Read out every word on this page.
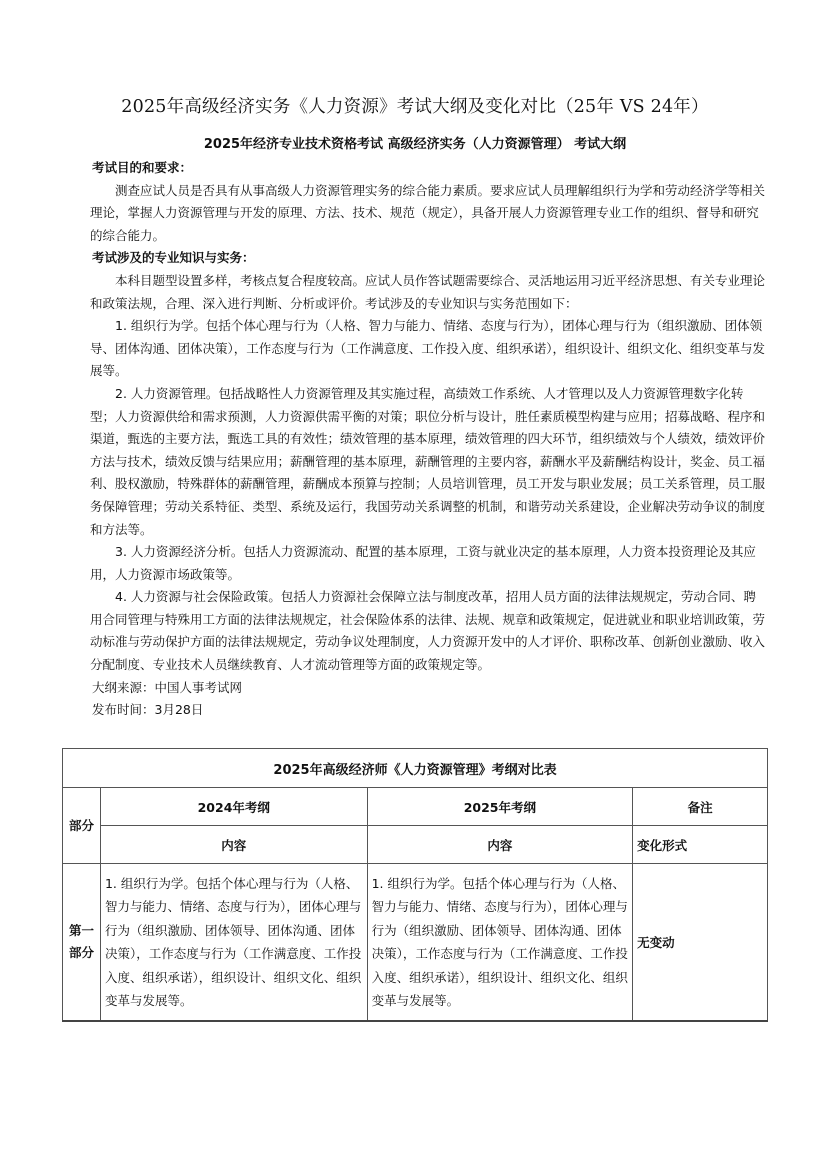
2025年高级经济实务《人力资源》考试大纲及变化对比（25年 VS 24年）
2025年经济专业技术资格考试 高级经济实务（人力资源管理） 考试大纲

考试目的和要求：

测查应试人员是否具有从事高级人力资源管理实务的综合能力素质。要求应试人员理解组织行为学和劳动经济学等相关理论，掌握人力资源管理与开发的原理、方法、技术、规范（规定），具备开展人力资源管理专业工作的组织、督导和研究的综合能力。

考试涉及的专业知识与实务：

本科目题型设置多样，考核点复合程度较高。应试人员作答试题需要综合、灵活地运用习近平经济思想、有关专业理论和政策法规，合理、深入进行判断、分析或评价。考试涉及的专业知识与实务范围如下：

1. 组织行为学。包括个体心理与行为（人格、智力与能力、情绪、态度与行为），团体心理与行为（组织激励、团体领导、团体沟通、团体决策），工作态度与行为（工作满意度、工作投入度、组织承诺），组织设计、组织文化、组织变革与发展等。

2. 人力资源管理。包括战略性人力资源管理及其实施过程，高绩效工作系统、人才管理以及人力资源管理数字化转型；人力资源供给和需求预测，人力资源供需平衡的对策；职位分析与设计，胜任素质模型构建与应用；招募战略、程序和渠道，甄选的主要方法，甄选工具的有效性；绩效管理的基本原理，绩效管理的四大环节，组织绩效与个人绩效，绩效评价方法与技术，绩效反馈与结果应用；薪酬管理的基本原理，薪酬管理的主要内容，薪酬水平及薪酬结构设计，奖金、员工福利、股权激励，特殊群体的薪酬管理，薪酬成本预算与控制；人员培训管理，员工开发与职业发展；员工关系管理，员工服务保障管理；劳动关系特征、类型、系统及运行，我国劳动关系调整的机制，和谐劳动关系建设，企业解决劳动争议的制度和方法等。

3. 人力资源经济分析。包括人力资源流动、配置的基本原理，工资与就业决定的基本原理，人力资本投资理论及其应用，人力资源市场政策等。

4. 人力资源与社会保险政策。包括人力资源社会保障立法与制度改革，招用人员方面的法律法规规定，劳动合同、聘用合同管理与特殊用工方面的法律法规规定，社会保险体系的法律、法规、规章和政策规定，促进就业和职业培训政策，劳动标准与劳动保护方面的法律法规规定，劳动争议处理制度，人力资源开发中的人才评价、职称改革、创新创业激励、收入分配制度、专业技术人员继续教育、人才流动管理等方面的政策规定等。

大纲来源：中国人事考试网

发布时间：3月28日

2025年高级经济师《人力资源管理》考纲对比表			
部分	2024年考纲	2025年考纲	备注
	内容	内容	变化形式
第一部分	1. 组织行为学。包括个体心理与行为（人格、智力与能力、情绪、态度与行为），团体心理与行为（组织激励、团体领导、团体沟通、团体决策），工作态度与行为（工作满意度、工作投入度、组织承诺），组织设计、组织文化、组织变革与发展等。	1. 组织行为学。包括个体心理与行为（人格、智力与能力、情绪、态度与行为），团体心理与行为（组织激励、团体领导、团体沟通、团体决策），工作态度与行为（工作满意度、工作投入度、组织承诺），组织设计、组织文化、组织变革与发展等。	无变动
